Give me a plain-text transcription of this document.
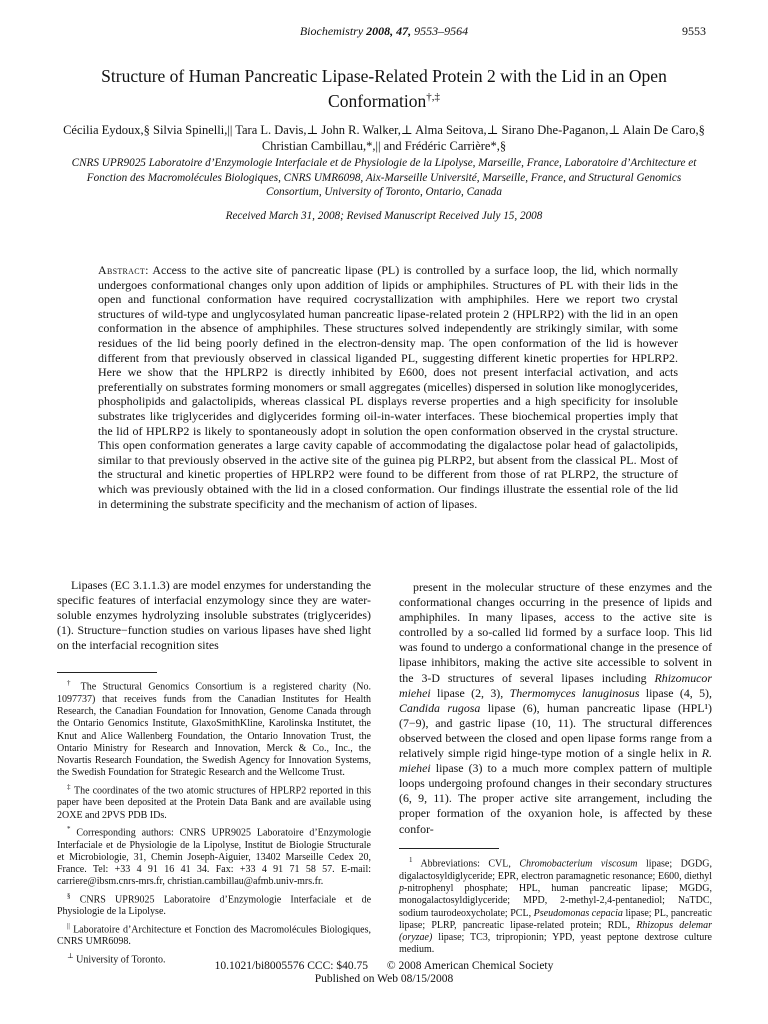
Biochemistry 2008, 47, 9553–9564	9553
Structure of Human Pancreatic Lipase-Related Protein 2 with the Lid in an Open Conformation†,‡
Cécilia Eydoux,§ Silvia Spinelli,|| Tara L. Davis,⊥ John R. Walker,⊥ Alma Seitova,⊥ Sirano Dhe-Paganon,⊥ Alain De Caro,§ Christian Cambillau,*,|| and Frédéric Carrière*,§
CNRS UPR9025 Laboratoire d’Enzymologie Interfaciale et de Physiologie de la Lipolyse, Marseille, France, Laboratoire d’Architecture et Fonction des Macromolécules Biologiques, CNRS UMR6098, Aix-Marseille Université, Marseille, France, and Structural Genomics Consortium, University of Toronto, Ontario, Canada
Received March 31, 2008; Revised Manuscript Received July 15, 2008
Abstract: Access to the active site of pancreatic lipase (PL) is controlled by a surface loop, the lid, which normally undergoes conformational changes only upon addition of lipids or amphiphiles. Structures of PL with their lids in the open and functional conformation have required cocrystallization with amphiphiles. Here we report two crystal structures of wild-type and unglycosylated human pancreatic lipase-related protein 2 (HPLRP2) with the lid in an open conformation in the absence of amphiphiles. These structures solved independently are strikingly similar, with some residues of the lid being poorly defined in the electron-density map. The open conformation of the lid is however different from that previously observed in classical liganded PL, suggesting different kinetic properties for HPLRP2. Here we show that the HPLRP2 is directly inhibited by E600, does not present interfacial activation, and acts preferentially on substrates forming monomers or small aggregates (micelles) dispersed in solution like monoglycerides, phospholipids and galactolipids, whereas classical PL displays reverse properties and a high specificity for insoluble substrates like triglycerides and diglycerides forming oil-in-water interfaces. These biochemical properties imply that the lid of HPLRP2 is likely to spontaneously adopt in solution the open conformation observed in the crystal structure. This open conformation generates a large cavity capable of accommodating the digalactose polar head of galactolipids, similar to that previously observed in the active site of the guinea pig PLRP2, but absent from the classical PL. Most of the structural and kinetic properties of HPLRP2 were found to be different from those of rat PLRP2, the structure of which was previously obtained with the lid in a closed conformation. Our findings illustrate the essential role of the lid in determining the substrate specificity and the mechanism of action of lipases.

Lipases (EC 3.1.1.3) are model enzymes for understanding the specific features of interfacial enzymology since they are water-soluble enzymes hydrolyzing insoluble substrates (triglycerides) (1). Structure−function studies on various lipases have shed light on the interfacial recognition sites

present in the molecular structure of these enzymes and the conformational changes occurring in the presence of lipids and amphiphiles. In many lipases, access to the active site is controlled by a so-called lid formed by a surface loop. This lid was found to undergo a conformational change in the presence of lipase inhibitors, making the active site accessible to solvent in the 3-D structures of several lipases including Rhizomucor miehei lipase (2, 3), Thermomyces lanuginosus lipase (4, 5), Candida rugosa lipase (6), human pancreatic lipase (HPL¹) (7−9), and gastric lipase (10, 11). The structural differences observed between the closed and open lipase forms range from a relatively simple rigid hinge-type motion of a single helix in R. miehei lipase (3) to a much more complex pattern of multiple loops undergoing profound changes in their secondary structures (6, 9, 11). The proper active site arrangement, including the proper formation of the oxyanion hole, is affected by these confor-

† The Structural Genomics Consortium is a registered charity (No. 1097737) that receives funds from the Canadian Institutes for Health Research, the Canadian Foundation for Innovation, Genome Canada through the Ontario Genomics Institute, GlaxoSmithKline, Karolinska Institutet, the Knut and Alice Wallenberg Foundation, the Ontario Innovation Trust, the Ontario Ministry for Research and Innovation, Merck & Co., Inc., the Novartis Research Foundation, the Swedish Agency for Innovation Systems, the Swedish Foundation for Strategic Research and the Wellcome Trust.

‡ The coordinates of the two atomic structures of HPLRP2 reported in this paper have been deposited at the Protein Data Bank and are available using 2OXE and 2PVS PDB IDs.

* Corresponding authors: CNRS UPR9025 Laboratoire d’Enzymologie Interfaciale et de Physiologie de la Lipolyse, Institut de Biologie Structurale et Microbiologie, 31, Chemin Joseph-Aiguier, 13402 Marseille Cedex 20, France. Tel: +33 4 91 16 41 34. Fax: +33 4 91 71 58 57. E-mail: carriere@ibsm.cnrs-mrs.fr, christian.cambillau@afmb.univ-mrs.fr.

§ CNRS UPR9025 Laboratoire d’Enzymologie Interfaciale et de Physiologie de la Lipolyse.

|| Laboratoire d’Architecture et Fonction des Macromolécules Biologiques, CNRS UMR6098.

⊥ University of Toronto.

$^1$ Abbreviations: CVL, Chromobacterium viscosum lipase; DGDG, digalactosyldiglyceride; EPR, electron paramagnetic resonance; E600, diethyl p-nitrophenyl phosphate; HPL, human pancreatic lipase; MGDG, monogalactosyldiglyceride; MPD, 2-methyl-2,4-pentanediol; NaTDC, sodium taurodeoxycholate; PCL, Pseudomonas cepacia lipase; PL, pancreatic lipase; PLRP, pancreatic lipase-related protein; RDL, Rhizopus delemar (oryzae) lipase; TC3, tripropionin; YPD, yeast peptone dextrose culture medium.

10.1021/bi8005576 CCC: $40.75 © 2008 American Chemical Society
Published on Web 08/15/2008
